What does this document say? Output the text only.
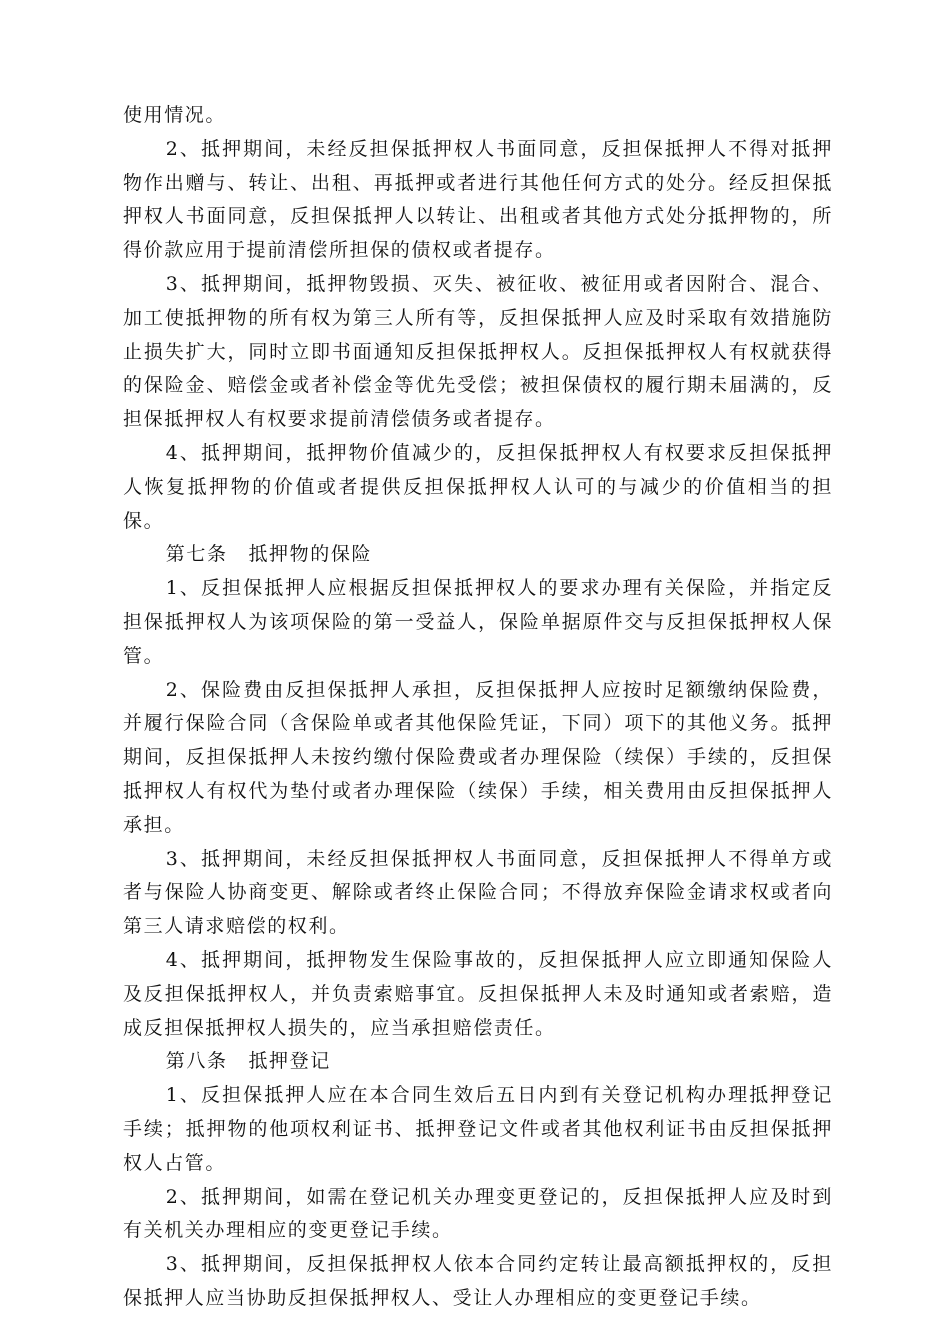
使用情况。

2、抵押期间，未经反担保抵押权人书面同意，反担保抵押人不得对抵押物作出赠与、转让、出租、再抵押或者进行其他任何方式的处分。经反担保抵押权人书面同意，反担保抵押人以转让、出租或者其他方式处分抵押物的，所得价款应用于提前清偿所担保的债权或者提存。

3、抵押期间，抵押物毁损、灭失、被征收、被征用或者因附合、混合、加工使抵押物的所有权为第三人所有等，反担保抵押人应及时采取有效措施防止损失扩大，同时立即书面通知反担保抵押权人。反担保抵押权人有权就获得的保险金、赔偿金或者补偿金等优先受偿；被担保债权的履行期未届满的，反担保抵押权人有权要求提前清偿债务或者提存。

4、抵押期间，抵押物价值减少的，反担保抵押权人有权要求反担保抵押人恢复抵押物的价值或者提供反担保抵押权人认可的与减少的价值相当的担保。

第七条 抵押物的保险

1、反担保抵押人应根据反担保抵押权人的要求办理有关保险，并指定反担保抵押权人为该项保险的第一受益人，保险单据原件交与反担保抵押权人保管。

2、保险费由反担保抵押人承担，反担保抵押人应按时足额缴纳保险费，并履行保险合同（含保险单或者其他保险凭证，下同）项下的其他义务。抵押期间，反担保抵押人未按约缴付保险费或者办理保险（续保）手续的，反担保抵押权人有权代为垫付或者办理保险（续保）手续，相关费用由反担保抵押人承担。

3、抵押期间，未经反担保抵押权人书面同意，反担保抵押人不得单方或者与保险人协商变更、解除或者终止保险合同；不得放弃保险金请求权或者向第三人请求赔偿的权利。

4、抵押期间，抵押物发生保险事故的，反担保抵押人应立即通知保险人及反担保抵押权人，并负责索赔事宜。反担保抵押人未及时通知或者索赔，造成反担保抵押权人损失的，应当承担赔偿责任。

第八条 抵押登记

1、反担保抵押人应在本合同生效后五日内到有关登记机构办理抵押登记手续；抵押物的他项权利证书、抵押登记文件或者其他权利证书由反担保抵押权人占管。

2、抵押期间，如需在登记机关办理变更登记的，反担保抵押人应及时到有关机关办理相应的变更登记手续。

3、抵押期间，反担保抵押权人依本合同约定转让最高额抵押权的，反担保抵押人应当协助反担保抵押权人、受让人办理相应的变更登记手续。
